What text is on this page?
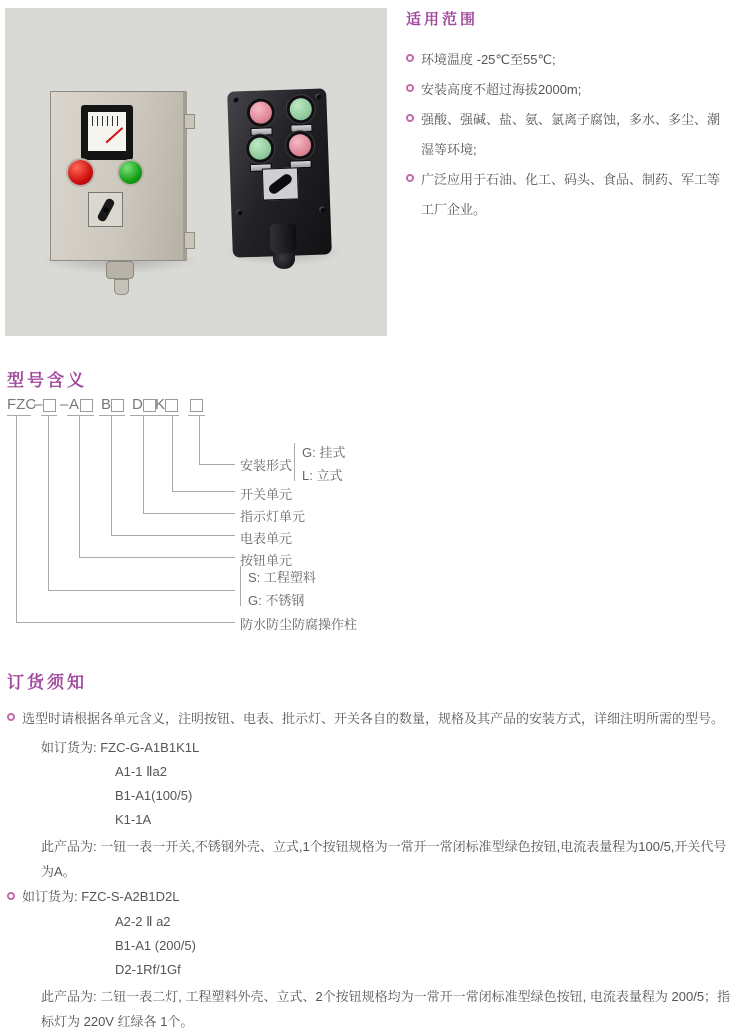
适用范围
环境温度 -25℃至55℃;
安装高度不超过海拔2000m;
强酸、强碱、盐、氨、氯离子腐蚀，多水、多尘、潮湿等环境;
广泛应用于石油、化工、码头、食品、制药、军工等工厂企业。
型号含义
FZC
– – A B D K
安装形式
G: 挂式
L: 立式
开关单元
指示灯单元
电表单元
按钮单元
S: 工程塑料
G: 不锈钢
防水防尘防腐操作柱
订货须知
选型时请根据各单元含义，注明按钮、电表、批示灯、开关各自的数量，规格及其产品的安装方式，详细注明所需的型号。
如订货为: FZC-G-A1B1K1L
A1-1 Ⅱa2
B1-A1(100/5)
K1-1A
此产品为: 一钮一表一开关,不锈钢外壳、立式,1个按钮规格为一常开一常闭标准型绿色按钮,电流表量程为100/5,开关代号为A。
如订货为: FZC-S-A2B1D2L
A2-2 Ⅱ a2
B1-A1 (200/5)
D2-1Rf/1Gf
此产品为: 二钮一表二灯, 工程塑料外壳、立式、2个按钮规格均为一常开一常闭标准型绿色按钮, 电流表量程为 200/5；指标灯为 220V 红绿各 1个。
